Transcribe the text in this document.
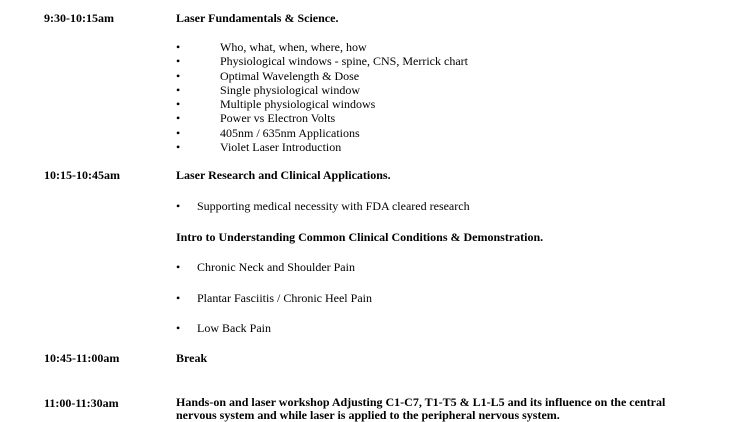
9:30-10:15am	Laser Fundamentals & Science.
•	Who, what, when, where, how
•	Physiological windows - spine, CNS, Merrick chart
•	Optimal Wavelength & Dose
•	Single physiological window
•	Multiple physiological windows
•	Power vs Electron Volts
•	405nm / 635nm Applications
•	Violet Laser Introduction
10:15-10:45am	Laser Research and Clinical Applications.
• Supporting medical necessity with FDA cleared research
Intro to Understanding Common Clinical Conditions & Demonstration.
• Chronic Neck and Shoulder Pain
• Plantar Fasciitis / Chronic Heel Pain
• Low Back Pain
10:45-11:00am	Break
11:00-11:30am	Hands-on and laser workshop Adjusting C1-C7, T1-T5 & L1-L5 and its influence on the central nervous system and while laser is applied to the peripheral nervous system.
